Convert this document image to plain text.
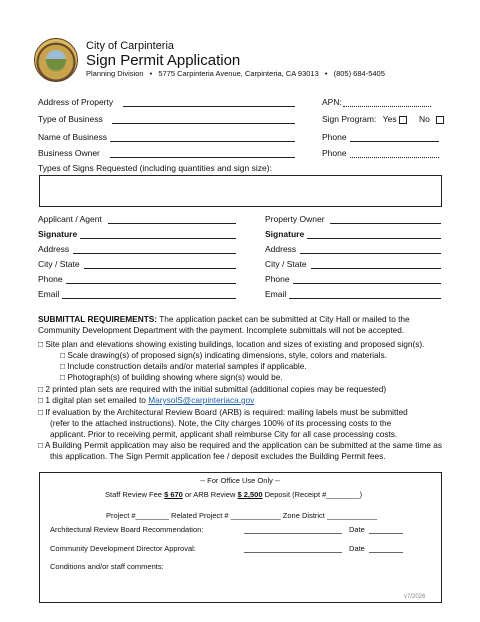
City of Carpinteria
Sign Permit Application
Planning Division • 5775 Carpinteria Avenue, Carpinteria, CA 93013 • (805) 684-5405
Address of Property	APN:
Type of Business	Sign Program: Yes	No
Name of Business	Phone
Business Owner	Phone
Types of Signs Requested (including quantities and sign size):
Applicant / Agent
Signature
Address
City / State
Phone
Email
Property Owner
Signature
Address
City / State
Phone
Email
SUBMITTAL REQUIREMENTS: The application packet can be submitted at City Hall or mailed to the
Community Development Department with the payment. Incomplete submittals will not be accepted.
□ Site plan and elevations showing existing buildings, location and sizes of existing and proposed sign(s).
□ Scale drawing(s) of proposed sign(s) indicating dimensions, style, colors and materials.
□ Include construction details and/or material samples if applicable.
□ Photograph(s) of building showing where sign(s) would be.
□ 2 printed plan sets are required with the initial submittal (additional copies may be requested)
□ 1 digital plan set emailed to MarysolS@carpinteriaca.gov
□ If evaluation by the Architectural Review Board (ARB) is required: mailing labels must be submitted
(refer to the attached instructions). Note, the City charges 100% of its processing costs to the
applicant. Prior to receiving permit, applicant shall reimburse City for all case processing costs.
□ A Building Permit application may also be required and the application can be submitted at the same time as
this application. The Sign Permit application fee / deposit excludes the Building Permit fees.
-- For Office Use Only --
Staff Review Fee $ 670 or ARB Review $ 2,500 Deposit (Receipt #________)
Project #________ Related Project # ____________ Zone District ____________
Architectural Review Board Recommendation:	Date
Community Development Director Approval:	Date
Conditions and/or staff comments:
v7/2026
